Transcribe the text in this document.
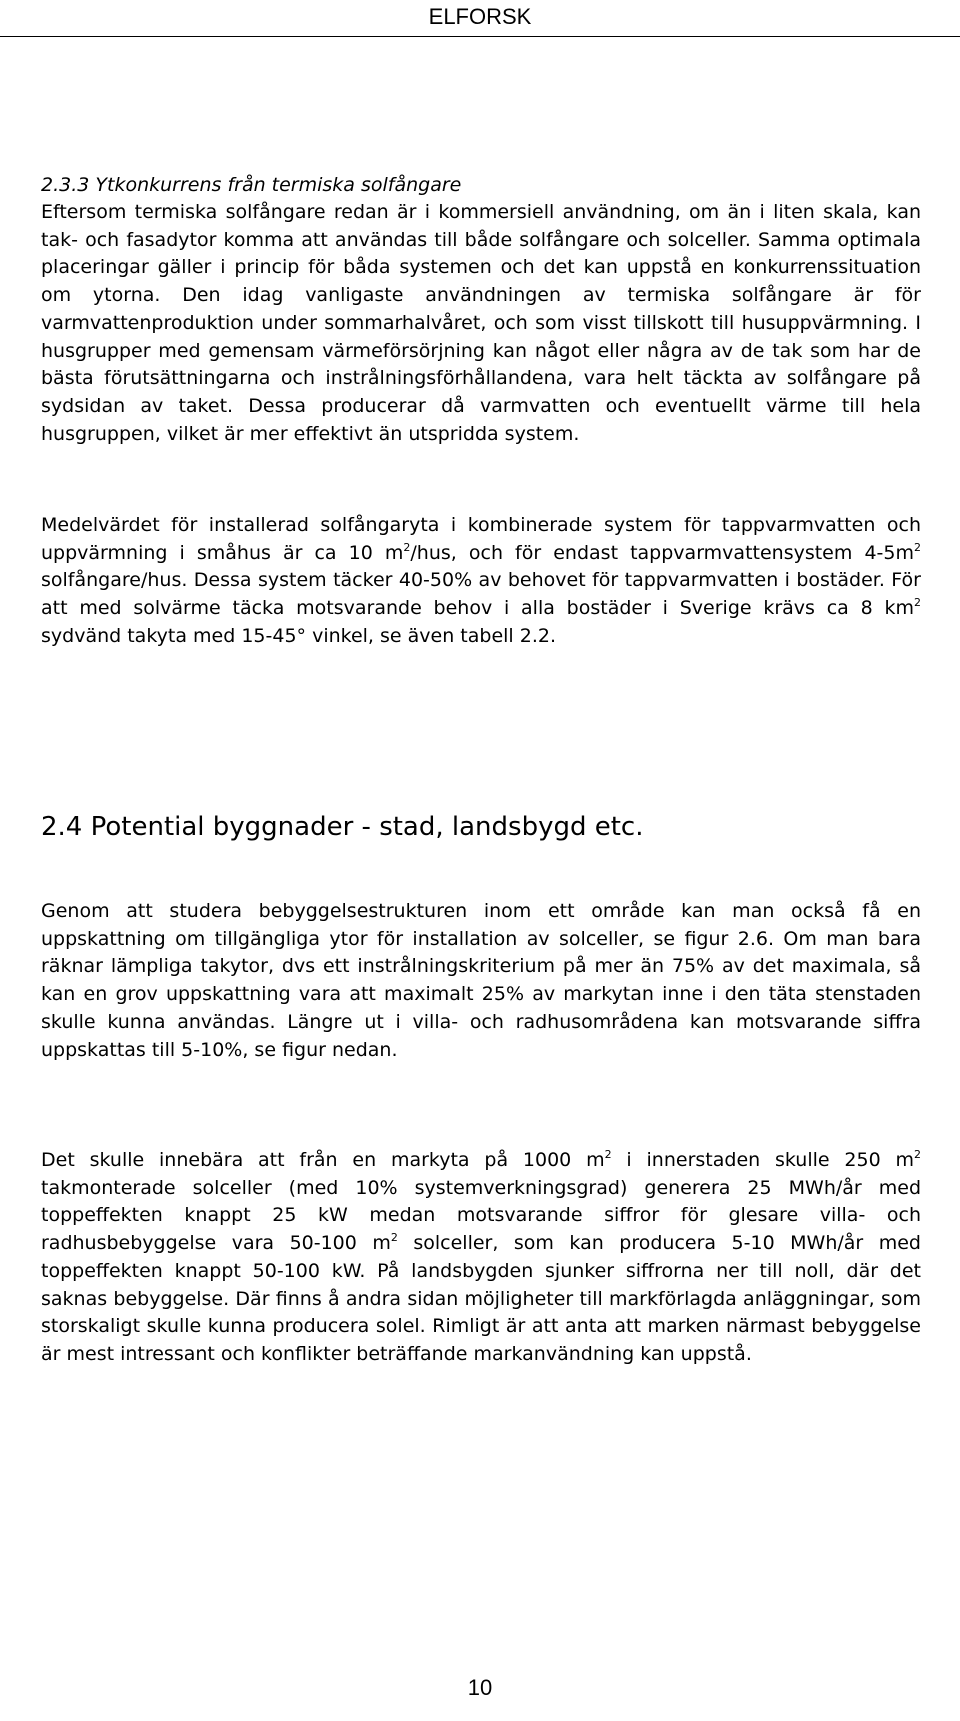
ELFORSK
2.3.3 Ytkonkurrens från termiska solfångare

Eftersom termiska solfångare redan är i kommersiell användning, om än i liten skala, kan tak- och fasadytor komma att användas till både solfångare och solceller. Samma optimala placeringar gäller i princip för båda systemen och det kan uppstå en konkurrenssituation om ytorna. Den idag vanligaste användningen av termiska solfångare är för varmvattenproduktion under sommarhalvåret, och som visst tillskott till husuppvärmning. I husgrupper med gemensam värmeförsörjning kan något eller några av de tak som har de bästa förutsättningarna och instrålningsförhållandena, vara helt täckta av solfångare på sydsidan av taket. Dessa producerar då varmvatten och eventuellt värme till hela husgruppen, vilket är mer effektivt än utspridda system.

Medelvärdet för installerad solfångaryta i kombinerade system för tappvarmvatten och uppvärmning i småhus är ca 10 $m^2$/hus, och för endast tappvarmvattensystem $4-5m^2$ solfångare/hus. Dessa system täcker 40-50% av behovet för tappvarmvatten i bostäder. För att med solvärme täcka motsvarande behov i alla bostäder i Sverige krävs ca 8 $km^2$ sydvänd takyta med 15-45° vinkel, se även tabell 2.2.

2.4 Potential byggnader - stad, landsbygd etc.

Genom att studera bebyggelsestrukturen inom ett område kan man också få en uppskattning om tillgängliga ytor för installation av solceller, se figur 2.6. Om man bara räknar lämpliga takytor, dvs ett instrålningskriterium på mer än 75% av det maximala, så kan en grov uppskattning vara att maximalt 25% av markytan inne i den täta stenstaden skulle kunna användas. Längre ut i villa- och radhusområdena kan motsvarande siffra uppskattas till 5-10%, se figur nedan.

Det skulle innebära att från en markyta på 1000 $m^2$ i innerstaden skulle 250 $m^2$ takmonterade solceller (med 10% systemverkningsgrad) generera 25 MWh/år med toppeffekten knappt 25 kW medan motsvarande siffror för glesare villa- och radhusbebyggelse vara 50-100 $m^2$ solceller, som kan producera 5-10 MWh/år med toppeffekten knappt 50-100 kW. På landsbygden sjunker siffrorna ner till noll, där det saknas bebyggelse. Där finns å andra sidan möjligheter till markförlagda anläggningar, som storskaligt skulle kunna producera solel. Rimligt är att anta att marken närmast bebyggelse är mest intressant och konflikter beträffande markanvändning kan uppstå.

10
